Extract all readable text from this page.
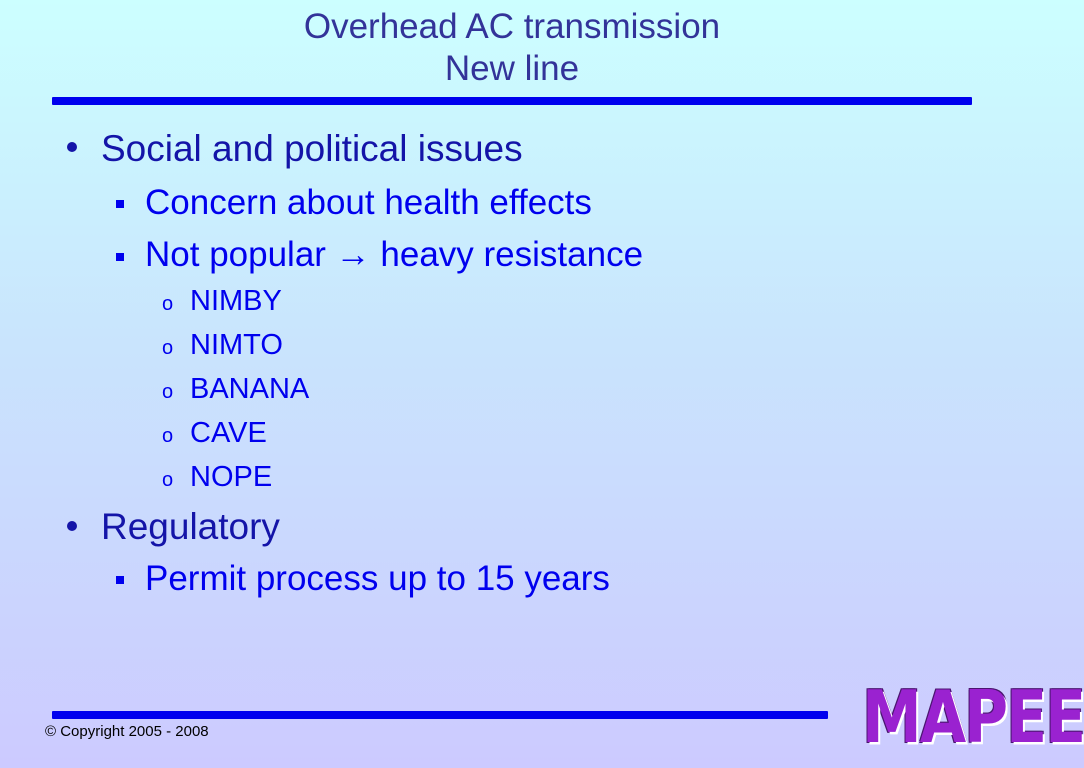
Overhead AC transmission
New line
Social and political issues
Concern about health effects
Not popular → heavy resistance
o NIMBY
o NIMTO
o BANANA
o CAVE
o NOPE
Regulatory
Permit process up to 15 years
© Copyright 2005 - 2008	MAPEE
